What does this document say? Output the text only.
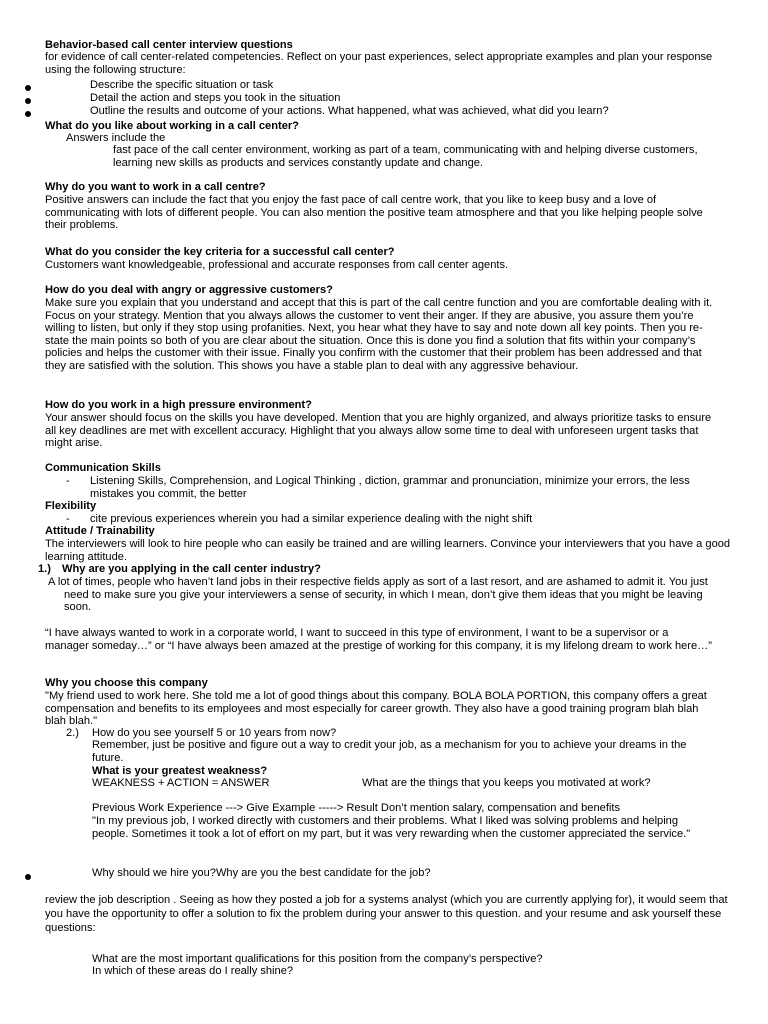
Behavior-based call center interview questions

for evidence of call center-related competencies. Reflect on your past experiences, select appropriate examples and plan your response using the following structure:

Describe the specific situation or task

Detail the action and steps you took in the situation

Outline the results and outcome of your actions. What happened, what was achieved, what did you learn?

What do you like about working in a call center?

Answers include the

fast pace of the call center environment, working as part of a team, communicating with and helping diverse customers, learning new skills as products and services constantly update and change.

Why do you want to work in a call centre?

Positive answers can include the fact that you enjoy the fast pace of call centre work, that you like to keep busy and a love of communicating with lots of different people. You can also mention the positive team atmosphere and that you like helping people solve their problems.

What do you consider the key criteria for a successful call center?

Customers want knowledgeable, professional and accurate responses from call center agents.

How do you deal with angry or aggressive customers?

Make sure you explain that you understand and accept that this is part of the call centre function and you are comfortable dealing with it. Focus on your strategy. Mention that you always allows the customer to vent their anger. If they are abusive, you assure them you’re willing to listen, but only if they stop using profanities. Next, you hear what they have to say and note down all key points. Then you re-state the main points so both of you are clear about the situation. Once this is done you find a solution that fits within your company’s policies and helps the customer with their issue. Finally you confirm with the customer that their problem has been addressed and that they are satisfied with the solution. This shows you have a stable plan to deal with any aggressive behaviour.

How do you work in a high pressure environment?

Your answer should focus on the skills you have developed. Mention that you are highly organized, and always prioritize tasks to ensure all key deadlines are met with excellent accuracy. Highlight that you always allow some time to deal with unforeseen urgent tasks that might arise.

Communication Skills

- Listening Skills, Comprehension, and Logical Thinking , diction, grammar and pronunciation, minimize your errors, the less mistakes you commit, the better

Flexibility

- cite previous experiences wherein you had a similar experience dealing with the night shift

Attitude / Trainability

The interviewers will look to hire people who can easily be trained and are willing learners. Convince your interviewers that you have a good learning attitude.

1.) Why are you applying in the call center industry?

A lot of times, people who haven’t land jobs in their respective fields apply as sort of a last resort, and are ashamed to admit it. You just need to make sure you give your interviewers a sense of security, in which I mean, don’t give them ideas that you might be leaving soon.

“I have always wanted to work in a corporate world, I want to succeed in this type of environment, I want to be a supervisor or a manager someday…” or “I have always been amazed at the prestige of working for this company, it is my lifelong dream to work here…”

Why you choose this company

"My friend used to work here. She told me a lot of good things about this company. BOLA BOLA PORTION, this company offers a great compensation and benefits to its employees and most especially for career growth. They also have a good training program blah blah blah blah."

2.) How do you see yourself 5 or 10 years from now?

Remember, just be positive and figure out a way to credit your job, as a mechanism for you to achieve your dreams in the future.

What is your greatest weakness?

WEAKNESS + ACTION = ANSWER	What are the things that you keeps you motivated at work?

Previous Work Experience ---> Give Example -----> Result Don’t mention salary, compensation and benefits

"In my previous job, I worked directly with customers and their problems. What I liked was solving problems and helping people. Sometimes it took a lot of effort on my part, but it was very rewarding when the customer appreciated the service."

Why should we hire you?Why are you the best candidate for the job?

review the job description . Seeing as how they posted a job for a systems analyst (which you are currently applying for), it would seem that you have the opportunity to offer a solution to fix the problem during your answer to this question. and your resume and ask yourself these questions:

What are the most important qualifications for this position from the company’s perspective?

In which of these areas do I really shine?
